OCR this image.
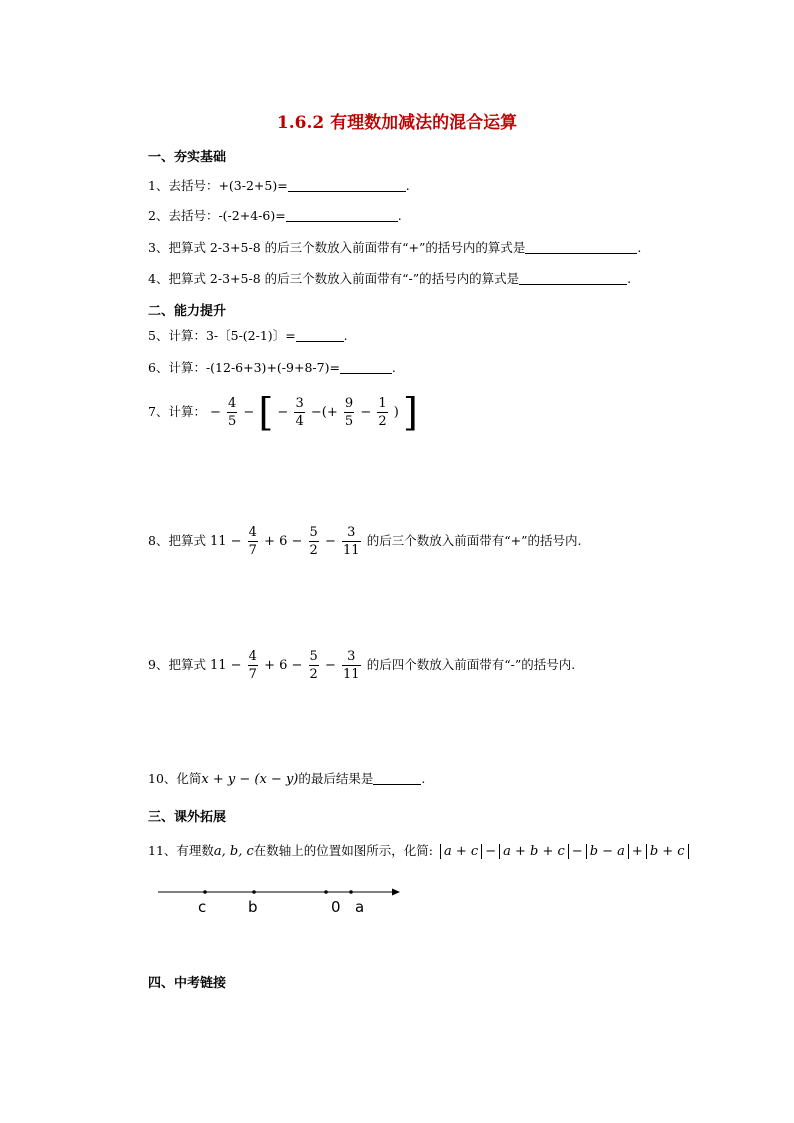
1.6.2 有理数加减法的混合运算
一、夯实基础
1、去括号：+(3-2+5)=	.
2、去括号：-(-2+4-6)=	.
3、把算式 2-3+5-8 的后三个数放入前面带有“+”的括号内的算式是	.
4、把算式 2-3+5-8 的后三个数放入前面带有“-”的括号内的算式是	.
二、能力提升
5、计算：3-〔5-(2-1)〕=	.
6、计算：-(12-6+3)+(-9+8-7)=	.
7、计算： − $\frac{4}{5}$ − [ − $\frac{3}{4}$ −(+ $\frac{9}{5} - \frac{1}{2}$ ) ]
8、把算式 $11 - \frac{4}{7} + 6 - \frac{5}{2} - \frac{3}{11}$ 的后三个数放入前面带有“+”的括号内.
9、把算式 $11 - \frac{4}{7} + 6 - \frac{5}{2} - \frac{3}{11}$ 的后四个数放入前面带有“-”的括号内.
10、化简x + y − (x − y)的最后结果是	.
三、课外拓展
11、有理数a, b, c在数轴上的位置如图所示，化简: a + c − a + b + c − b − a + b + c
c	b	0 a
四、中考链接
